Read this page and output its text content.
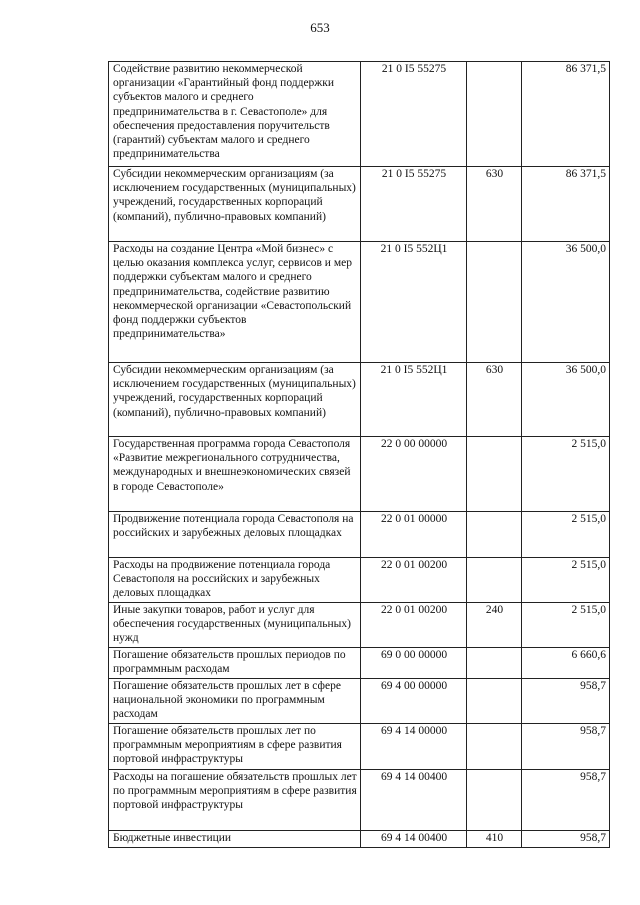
653
Содействие развитию некоммерческой организации «Гарантийный фонд поддержки субъектов малого и среднего предпринимательства в г. Севастополе» для обеспечения предоставления поручительств (гарантий) субъектам малого и среднего предпринимательства	21 0 I5 55275		86 371,5
Субсидии некоммерческим организациям (за исключением государственных (муниципальных) учреждений, государственных корпораций (компаний), публично-правовых компаний)	21 0 I5 55275	630	86 371,5
Расходы на создание Центра «Мой бизнес» с целью оказания комплекса услуг, сервисов и мер поддержки субъектам малого и среднего предпринимательства, содействие развитию некоммерческой организации «Севастопольский фонд поддержки субъектов предпринимательства»	21 0 I5 552Ц1		36 500,0
Субсидии некоммерческим организациям (за исключением государственных (муниципальных) учреждений, государственных корпораций (компаний), публично-правовых компаний)	21 0 I5 552Ц1	630	36 500,0
Государственная программа города Севастополя «Развитие межрегионального сотрудничества, международных и внешнеэкономических связей в городе Севастополе»	22 0 00 00000		2 515,0
Продвижение потенциала города Севастополя на российских и зарубежных деловых площадках	22 0 01 00000		2 515,0
Расходы на продвижение потенциала города Севастополя на российских и зарубежных деловых площадках	22 0 01 00200		2 515,0
Иные закупки товаров, работ и услуг для обеспечения государственных (муниципальных) нужд	22 0 01 00200	240	2 515,0
Погашение обязательств прошлых периодов по программным расходам	69 0 00 00000		6 660,6
Погашение обязательств прошлых лет в сфере национальной экономики по программным расходам	69 4 00 00000		958,7
Погашение обязательств прошлых лет по программным мероприятиям в сфере развития портовой инфраструктуры	69 4 14 00000		958,7
Расходы на погашение обязательств прошлых лет по программным мероприятиям в сфере развития портовой инфраструктуры	69 4 14 00400		958,7
Бюджетные инвестиции	69 4 14 00400	410	958,7
